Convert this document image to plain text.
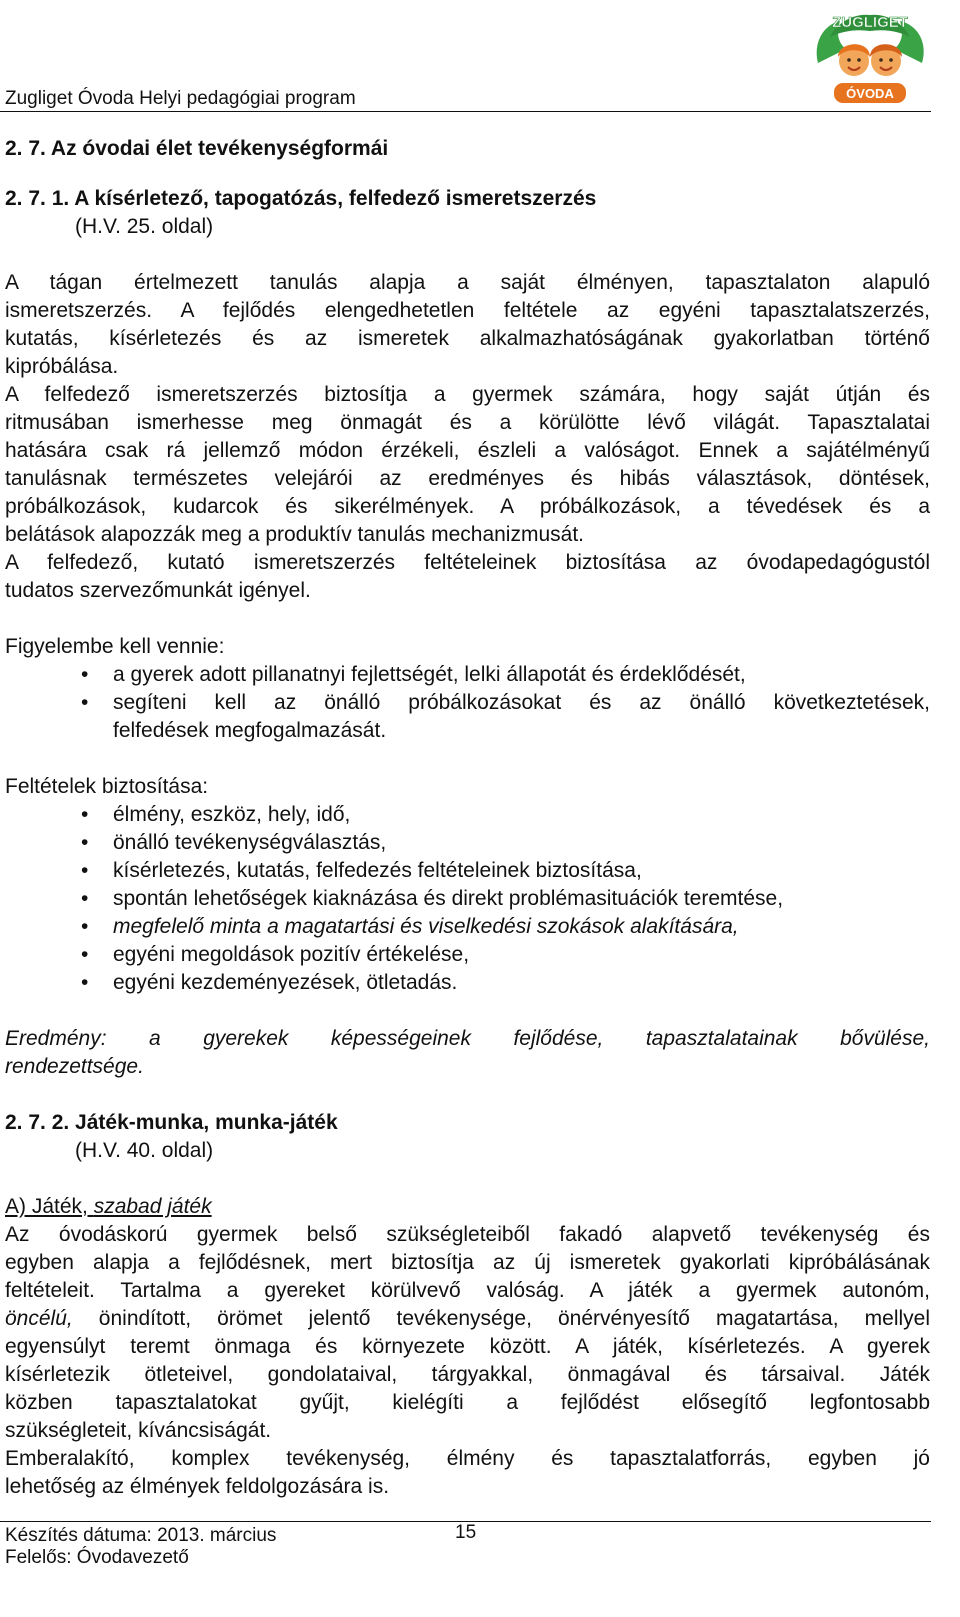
Zugliget Óvoda Helyi pedagógiai program
ZUGLIGET
ÓVODA

2. 7. Az óvodai élet tevékenységformái

2. 7. 1. A kísérletező, tapogatózás, felfedező ismeretszerzés

(H.V. 25. oldal)

A tágan értelmezett tanulás alapja a saját élményen, tapasztalaton alapuló

ismeretszerzés. A fejlődés elengedhetetlen feltétele az egyéni tapasztalatszerzés,

kutatás, kísérletezés és az ismeretek alkalmazhatóságának gyakorlatban történő

kipróbálása.

A felfedező ismeretszerzés biztosítja a gyermek számára, hogy saját útján és

ritmusában ismerhesse meg önmagát és a körülötte lévő világát. Tapasztalatai

hatására csak rá jellemző módon érzékeli, észleli a valóságot. Ennek a sajátélményű

tanulásnak természetes velejárói az eredményes és hibás választások, döntések,

próbálkozások, kudarcok és sikerélmények. A próbálkozások, a tévedések és a

belátások alapozzák meg a produktív tanulás mechanizmusát.

A felfedező, kutató ismeretszerzés feltételeinek biztosítása az óvodapedagógustól

tudatos szervezőmunkát igényel.

Figyelembe kell vennie:

• a gyerek adott pillanatnyi fejlettségét, lelki állapotát és érdeklődését,
• segíteni kell az önálló próbálkozásokat és az önálló következtetések,
felfedések megfogalmazását.

Feltételek biztosítása:

• élmény, eszköz, hely, idő,
• önálló tevékenységválasztás,
• kísérletezés, kutatás, felfedezés feltételeinek biztosítása,
• spontán lehetőségek kiaknázása és direkt problémasituációk teremtése,
• megfelelő minta a magatartási és viselkedési szokások alakítására,
• egyéni megoldások pozitív értékelése,
• egyéni kezdeményezések, ötletadás.

Eredmény: a gyerekek képességeinek fejlődése, tapasztalatainak bővülése,

rendezettsége.

2. 7. 2. Játék-munka, munka-játék

(H.V. 40. oldal)

A) Játék, szabad játék

Az óvodáskorú gyermek belső szükségleteiből fakadó alapvető tevékenység és

egyben alapja a fejlődésnek, mert biztosítja az új ismeretek gyakorlati kipróbálásának

feltételeit. Tartalma a gyereket körülvevő valóság. A játék a gyermek autonóm,

öncélú, önindított, örömet jelentő tevékenysége, önérvényesítő magatartása, mellyel

egyensúlyt teremt önmaga és környezete között. A játék, kísérletezés. A gyerek

kísérletezik ötleteivel, gondolataival, tárgyakkal, önmagával és társaival. Játék

közben tapasztalatokat gyűjt, kielégíti a fejlődést elősegítő legfontosabb

szükségleteit, kíváncsiságát.

Emberalakító, komplex tevékenység, élmény és tapasztalatforrás, egyben jó

lehetőség az élmények feldolgozására is.

Készítés dátuma: 2013. március	15
Felelős: Óvodavezető
